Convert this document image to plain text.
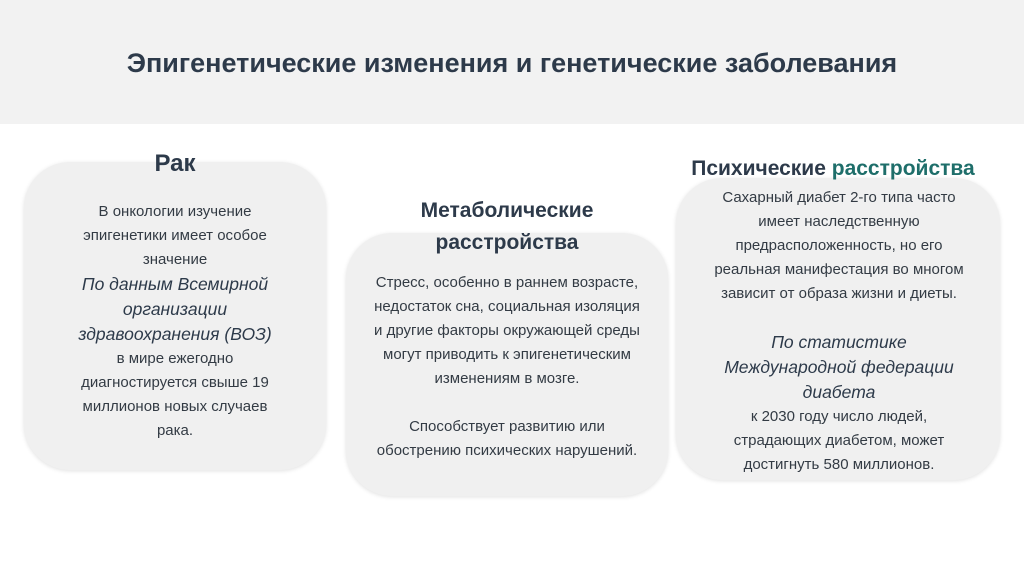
Эпигенетические изменения и генетические заболевания
Рак
В онкологии изучение
эпигенетики имеет особое
значение
По данным Всемирной
организации
здравоохранения (ВОЗ)
в мире ежегодно
диагностируется свыше 19
миллионов новых случаев
рака.
Метаболические
расстройства
Стресс, особенно в раннем возрасте,
недостаток сна, социальная изоляция
и другие факторы окружающей среды
могут приводить к эпигенетическим
изменениям в мозге.
Способствует развитию или
обострению психических нарушений.
Психические расстройства
Сахарный диабет 2-го типа часто
имеет наследственную
предрасположенность, но его
реальная манифестация во многом
зависит от образа жизни и диеты.
По статистике
Международной федерации
диабета
к 2030 году число людей,
страдающих диабетом, может
достигнуть 580 миллионов.
